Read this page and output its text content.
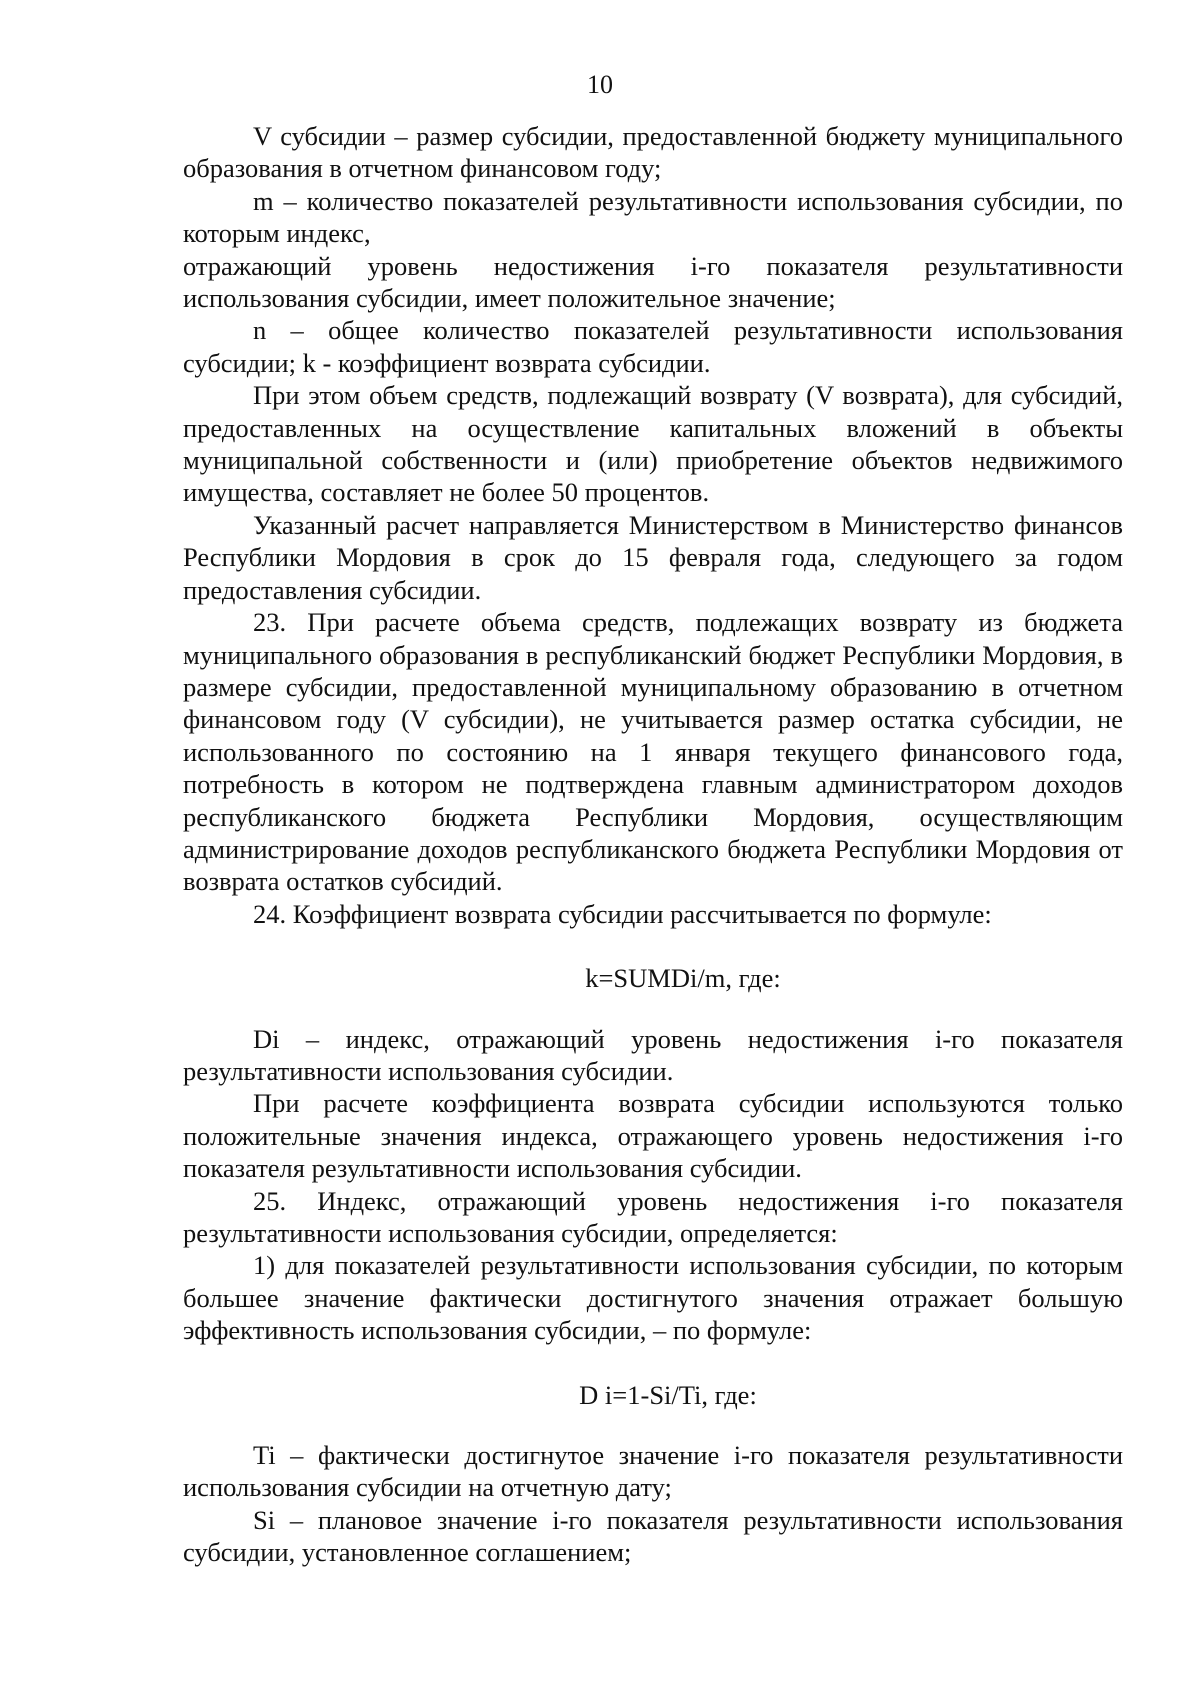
10

V субсидии – размер субсидии, предоставленной бюджету муниципального образования в отчетном финансовом году;

m – количество показателей результативности использования субсидии, по которым индекс,

отражающий уровень недостижения i-го показателя результативности использования субсидии, имеет положительное значение;

n – общее количество показателей результативности использования субсидии; k - коэффициент возврата субсидии.

При этом объем средств, подлежащий возврату (V возврата), для субсидий, предоставленных на осуществление капитальных вложений в объекты муниципальной собственности и (или) приобретение объектов недвижимого имущества, составляет не более 50 процентов.

Указанный расчет направляется Министерством в Министерство финансов Республики Мордовия в срок до 15 февраля года, следующего за годом предоставления субсидии.

23. При расчете объема средств, подлежащих возврату из бюджета муниципального образования в республиканский бюджет Республики Мордовия, в размере субсидии, предоставленной муниципальному образованию в отчетном финансовом году (V субсидии), не учитывается размер остатка субсидии, не использованного по состоянию на 1 января текущего финансового года, потребность в котором не подтверждена главным администратором доходов республиканского бюджета Республики Мордовия, осуществляющим администрирование доходов республиканского бюджета Республики Мордовия от возврата остатков субсидий.

24. Коэффициент возврата субсидии рассчитывается по формуле:

k=SUMDi/m, где:

Di – индекс, отражающий уровень недостижения i-го показателя результативности использования субсидии.

При расчете коэффициента возврата субсидии используются только положительные значения индекса, отражающего уровень недостижения i-го показателя результативности использования субсидии.

25. Индекс, отражающий уровень недостижения i-го показателя результативности использования субсидии, определяется:

1) для показателей результативности использования субсидии, по которым большее значение фактически достигнутого значения отражает большую эффективность использования субсидии, – по формуле:

D i=1-Si/Ti, где:

Ti – фактически достигнутое значение i-го показателя результативности использования субсидии на отчетную дату;

Si – плановое значение i-го показателя результативности использования субсидии, установленное соглашением;
